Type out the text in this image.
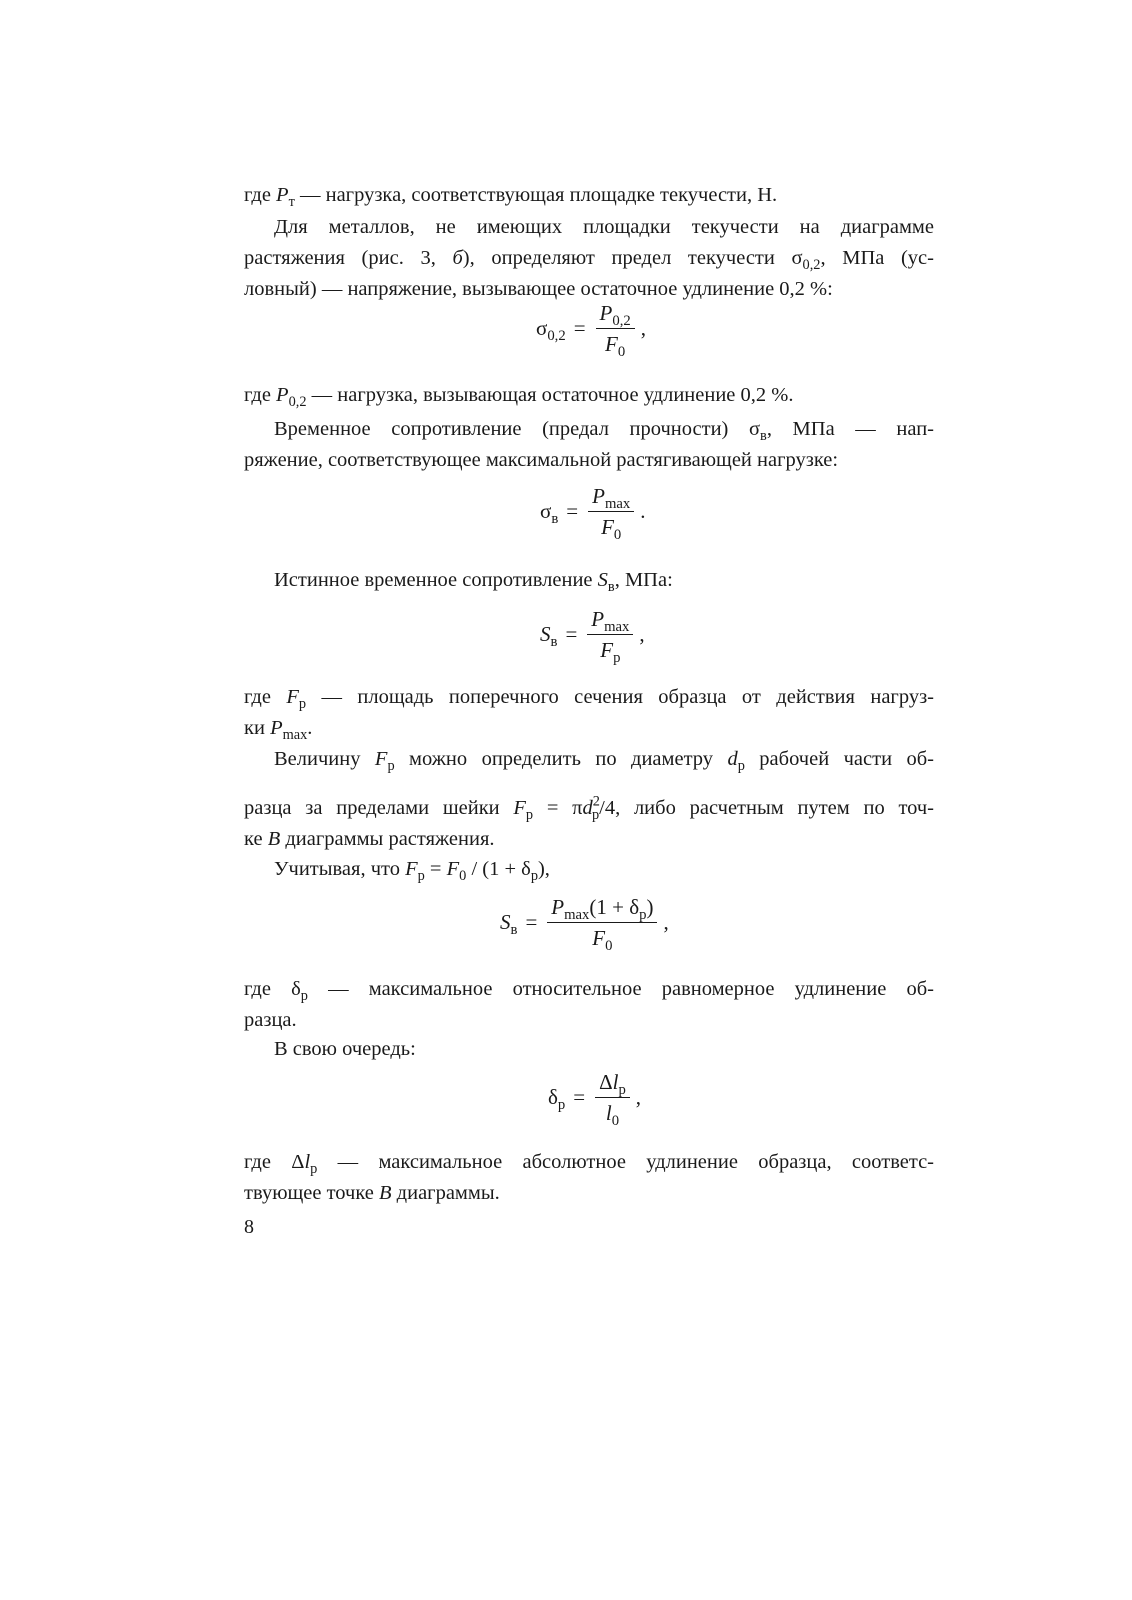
где $P_т$ — нагрузка, соответствующая площадке текучести, Н.

Для металлов, не имеющих площадки текучести на диаграмме

растяжения (рис. 3, б), определяют предел текучести $\sigma_{0,2}$, МПа (ус-

ловный) — напряжение, вызывающее остаточное удлинение 0,2 %:

$\sigma_{0,2} = \frac{P_{0,2}}{F_0}$ ,

где $P_{0,2}$ — нагрузка, вызывающая остаточное удлинение 0,2 %.

Временное сопротивление (предал прочности) $\sigma_в$, МПа — нап-

ряжение, соответствующее максимальной растягивающей нагрузке:

$\sigma_в = \frac{P_{max}}{F_0}$ .

Истинное временное сопротивление $S_в$, МПа:

$S_в = \frac{P_{max}}{F_р}$ ,

где $F_р$ — площадь поперечного сечения образца от действия нагруз-

ки $P_{max}$.

Величину $F_р$ можно определить по диаметру $d_р$ рабочей части об-

разца за пределами шейки $F_р = \pi d^2_р/4$, либо расчетным путем по точ-

ке B диаграммы растяжения.

Учитывая, что $F_р = F_0 / (1 + \delta_р)$,

$S_в = \frac{P_{max}(1 + \delta_р)}{F_0}$ ,

где $\delta_р$ — максимальное относительное равномерное удлинение об-

разца.

В свою очередь:

$\delta_р = \frac{\Delta l_р}{l_0}$ ,

где $\Delta l_р$ — максимальное абсолютное удлинение образца, соответс-

твующее точке B диаграммы.

8
